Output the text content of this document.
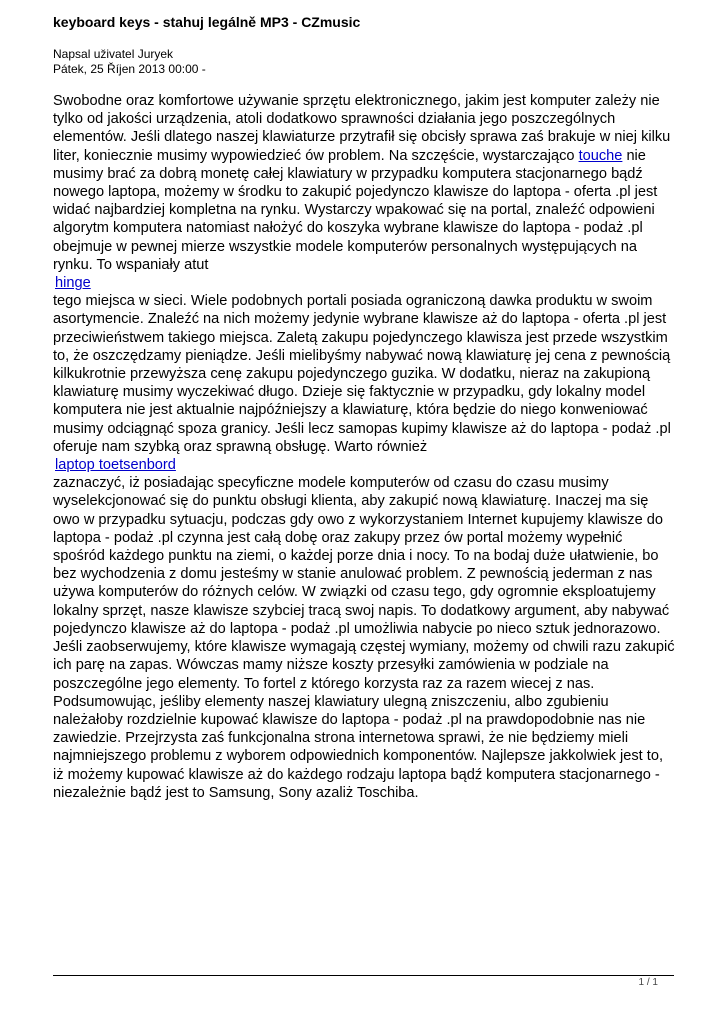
keyboard keys - stahuj legálně MP3 - CZmusic
Napsal uživatel Juryek
Pátek, 25 Říjen 2013 00:00 -

Swobodne oraz komfortowe używanie sprzętu elektronicznego, jakim jest komputer zależy nie tylko od jakości urządzenia, atoli dodatkowo sprawności działania jego poszczególnych elementów. Jeśli dlatego naszej klawiaturze przytrafił się obcisły sprawa zaś brakuje w niej kilku liter, koniecznie musimy wypowiedzieć ów problem. Na szczęście, wystarczająco touche nie musimy brać za dobrą monetę całej klawiatury w przypadku komputera stacjonarnego bądź nowego laptopa, możemy w środku to zakupić pojedynczo klawisze do laptopa - oferta .pl jest widać najbardziej kompletna na rynku. Wystarczy wpakować się na portal, znaleźć odpowieni algorytm komputera natomiast nałożyć do koszyka wybrane klawisze do laptopa - podaż .pl obejmuje w pewnej mierze wszystkie modele komputerów personalnych występujących na rynku. To wspaniały atut

hinge

tego miejsca w sieci. Wiele podobnych portali posiada ograniczoną dawka produktu w swoim asortymencie. Znaleźć na nich możemy jedynie wybrane klawisze aż do laptopa - oferta .pl jest przeciwieństwem takiego miejsca. Zaletą zakupu pojedynczego klawisza jest przede wszystkim to, że oszczędzamy pieniądze. Jeśli mielibyśmy nabywać nową klawiaturę jej cena z pewnością kilkukrotnie przewyższa cenę zakupu pojedynczego guzika. W dodatku, nieraz na zakupioną klawiaturę musimy wyczekiwać długo. Dzieje się faktycznie w przypadku, gdy lokalny model komputera nie jest aktualnie najpóźniejszy a klawiaturę, która będzie do niego konweniować musimy odciągnąć spoza granicy. Jeśli lecz samopas kupimy klawisze aż do laptopa - podaż .pl oferuje nam szybką oraz sprawną obsługę. Warto również

laptop toetsenbord

zaznaczyć, iż posiadając specyficzne modele komputerów od czasu do czasu musimy wyselekcjonować się do punktu obsługi klienta, aby zakupić nową klawiaturę. Inaczej ma się owo w przypadku sytuacju, podczas gdy owo z wykorzystaniem Internet kupujemy klawisze do laptopa - podaż .pl czynna jest całą dobę oraz zakupy przez ów portal możemy wypełnić spośród każdego punktu na ziemi, o każdej porze dnia i nocy. To na bodaj duże ułatwienie, bo bez wychodzenia z domu jesteśmy w stanie anulować problem. Z pewnością jederman z nas używa komputerów do różnych celów. W związki od czasu tego, gdy ogromnie eksploatujemy lokalny sprzęt, nasze klawisze szybciej tracą swoj napis. To dodatkowy argument, aby nabywać pojedynczo klawisze aż do laptopa - podaż .pl umożliwia nabycie po nieco sztuk jednorazowo. Jeśli zaobserwujemy, które klawisze wymagają częstej wymiany, możemy od chwili razu zakupić ich parę na zapas. Wówczas mamy niższe koszty przesyłki zamówienia w podziale na poszczególne jego elementy. To fortel z którego korzysta raz za razem wiecej z nas. Podsumowując, jeśliby elementy naszej klawiatury ulegną zniszczeniu, albo zgubieniu należałoby rozdzielnie kupować klawisze do laptopa - podaż .pl na prawdopodobnie nas nie zawiedzie. Przejrzysta zaś funkcjonalna strona internetowa sprawi, że nie będziemy mieli najmniejszego problemu z wyborem odpowiednich komponentów. Najlepsze jakkolwiek jest to, iż możemy kupować klawisze aż do każdego rodzaju laptopa bądź komputera stacjonarnego - niezależnie bądź jest to Samsung, Sony azaliż Toschiba.

1 / 1
